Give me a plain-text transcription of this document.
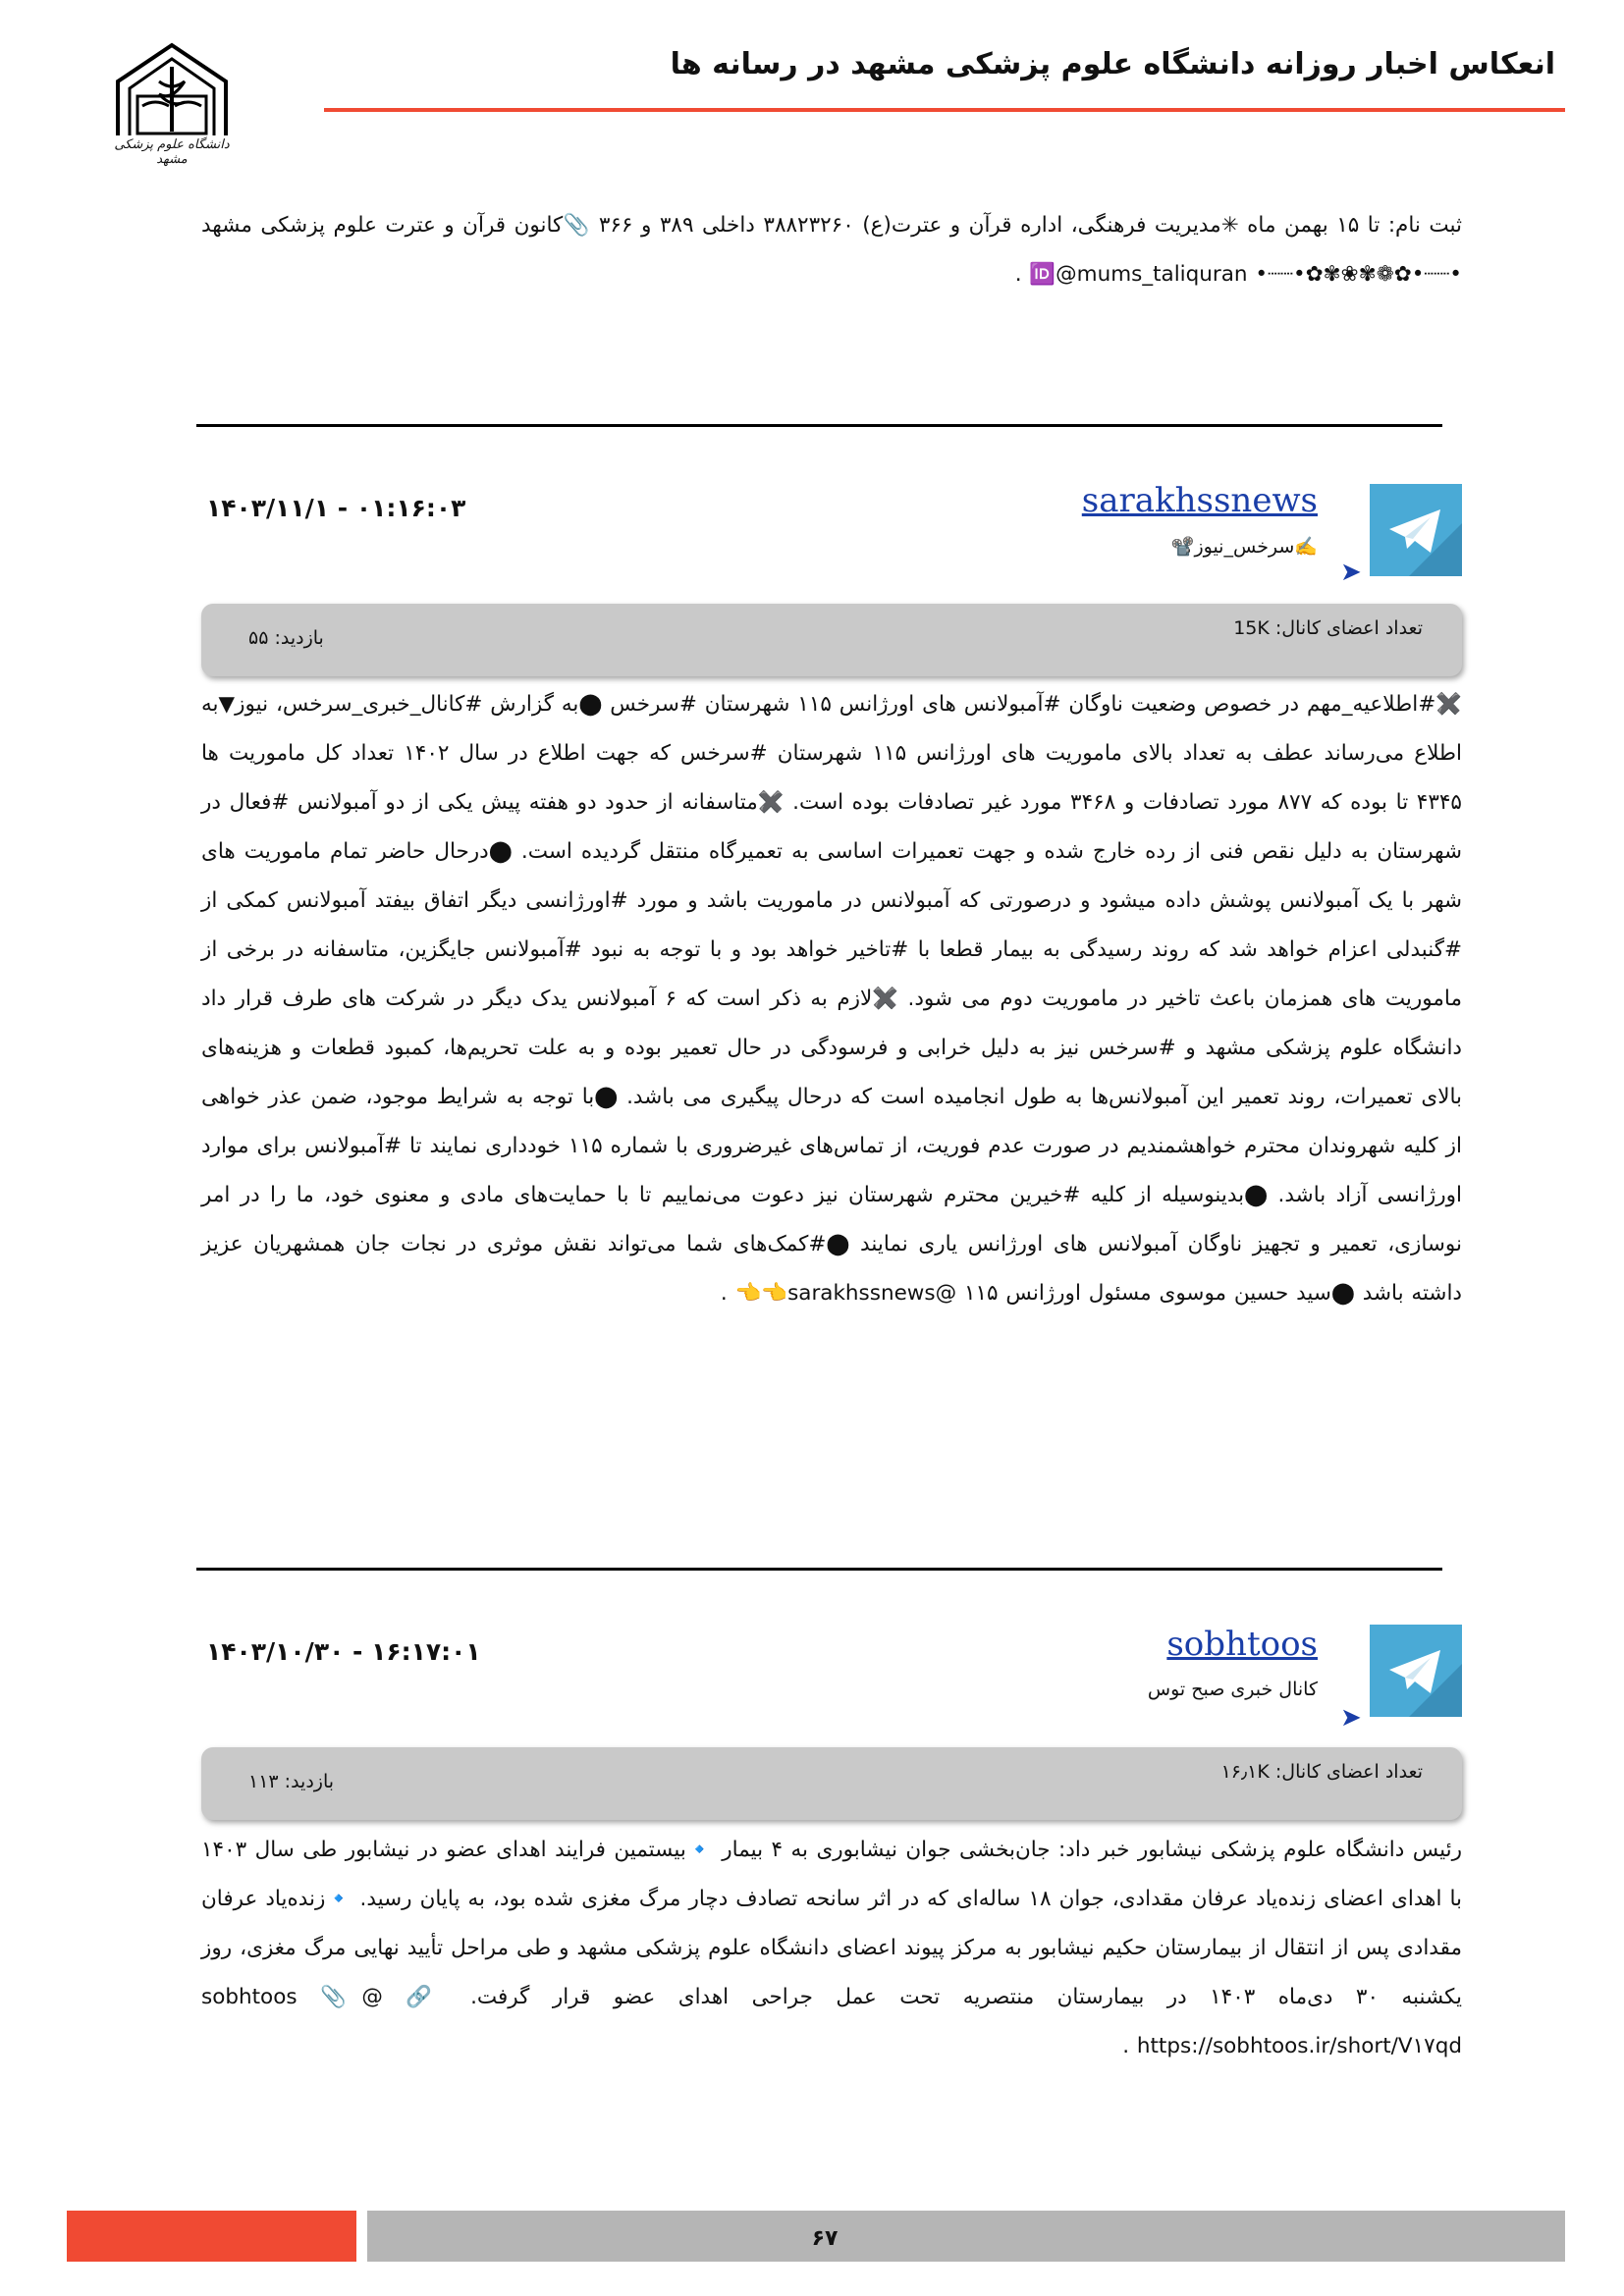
انعکاس اخبار روزانه دانشگاه علوم پزشکی مشهد در رسانه ها
دانشگاه علوم پزشکی مشهد
ثبت نام: تا ۱۵ بهمن ماه ✳︎مدیریت فرهنگی، اداره قرآن و عترت(ع) ۳۸۸۲۳۲۶۰ داخلی ۳۸۹ و ۳۶۶ 📎کانون قرآن و عترت علوم پزشکی مشهد •┈┈•✿❁✾❀✾✿•┈┈• 🆔@mums_taliquran .
➤
sarakhssnews
✍️سرخس_نیوز📽️
۱۴۰۳/۱۱/۱ - ۰۱:۱۶:۰۳
تعداد اعضای کانال: 15K
بازدید: ۵۵
✖️#اطلاعیه_مهم در خصوص وضعیت ناوگان #آمبولانس های اورژانس ۱۱۵ شهرستان #سرخس ⬤به گزارش #کانال_خبری_سرخس، نیوز▼به اطلاع می‌رساند عطف به تعداد بالای ماموریت های اورژانس ۱۱۵ شهرستان #سرخس که جهت اطلاع در سال ۱۴۰۲ تعداد کل ماموریت ها ۴۳۴۵ تا بوده که ۸۷۷ مورد تصادفات و ۳۴۶۸ مورد غیر تصادفات بوده است. ✖️متاسفانه از حدود دو هفته پیش یکی از دو آمبولانس #فعال در شهرستان به دلیل نقص فنی از رده خارج شده و جهت تعمیرات اساسی به تعمیرگاه منتقل گردیده است. ⬤درحال حاضر تمام ماموریت های شهر با یک آمبولانس پوشش داده میشود و درصورتی که آمبولانس در ماموریت باشد و مورد #اورژانسی دیگر اتفاق بیفتد آمبولانس کمکی از #گنبدلی اعزام خواهد شد که روند رسیدگی به بیمار قطعا با #تاخیر خواهد بود و با توجه به نبود #آمبولانس جایگزین، متاسفانه در برخی از ماموریت های همزمان باعث تاخیر در ماموریت دوم می شود. ✖️لازم به ذکر است که ۶ آمبولانس یدک دیگر در شرکت های طرف قرار داد دانشگاه علوم پزشکی مشهد و #سرخس نیز به دلیل خرابی و فرسودگی در حال تعمیر بوده و به علت تحریم‌ها، کمبود قطعات و هزینه‌های بالای تعمیرات، روند تعمیر این آمبولانس‌ها به طول انجامیده است که درحال پیگیری می باشد. ⬤با توجه به شرایط موجود، ضمن عذر خواهی از کلیه شهروندان محترم خواهشمندیم در صورت عدم فوریت، از تماس‌های غیرضروری با شماره ۱۱۵ خودداری نمایند تا #آمبولانس برای موارد اورژانسی آزاد باشد. ⬤بدینوسیله از کلیه #خیرین محترم شهرستان نیز دعوت می‌نماییم تا با حمایت‌های مادی و معنوی خود، ما را در امر نوسازی، تعمیر و تجهیز ناوگان آمبولانس های اورژانس یاری نمایند ⬤#کمک‌های شما می‌تواند نقش موثری در نجات جان همشهریان عزیز داشته باشد ⬤سید حسین موسوی مسئول اورژانس ۱۱۵ @sarakhssnews👈👈 .
➤
sobhtoos
کانال خبری صبح توس
۱۴۰۳/۱۰/۳۰ - ۱۶:۱۷:۰۱
تعداد اعضای کانال: ۱۶٫۱K
بازدید: ۱۱۳
رئیس دانشگاه علوم پزشکی نیشابور خبر داد: جان‌بخشی جوان نیشابوری به ۴ بیمار 🔹بیستمین فرایند اهدای عضو در نیشابور طی سال ۱۴۰۳ با اهدای اعضای زنده‌یاد عرفان مقدادی، جوان ۱۸ ساله‌ای که در اثر سانحه تصادف دچار مرگ مغزی شده بود، به پایان رسید. 🔹زنده‌یاد عرفان مقدادی پس از انتقال از بیمارستان حکیم نیشابور به مرکز پیوند اعضای دانشگاه علوم پزشکی مشهد و طی مراحل تأیید نهایی مرگ مغزی، روز یکشنبه ۳۰ دی‌ماه ۱۴۰۳ در بیمارستان منتصریه تحت عمل جراحی اهدای عضو قرار گرفت. 🔗 @sobhtoos 📎 https://sobhtoos.ir/short/V۱۷qd .
۶۷
